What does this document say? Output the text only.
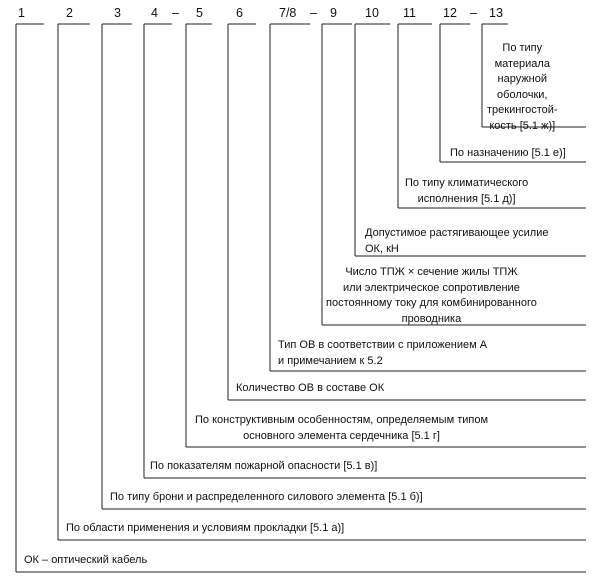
1	2	3 4 – 5	6	7/8 – 9 10 11 12 – 13
ОК – оптический кабель
По области применения и условиям прокладки [5.1 а)]
По типу брони и распределенного силового элемента [5.1 б)]
По показателям пожарной опасности [5.1 в)]
По конструктивным особенностям, определяемым типом
основного элемента сердечника [5.1 г]
Количество ОВ в составе ОК
Тип ОВ в соответствии с приложением А
и примечанием к 5.2
Число ТПЖ × сечение жилы ТПЖ
или электрическое сопротивление
постоянному току для комбинированного
проводника
Допустимое растягивающее усилие
ОК, кН
По типу климатического
исполнения [5.1 д)]
По назначению [5.1 е)]
По типу
материала
наружной
оболочки,
трекингостой-
кость [5.1 ж)]
